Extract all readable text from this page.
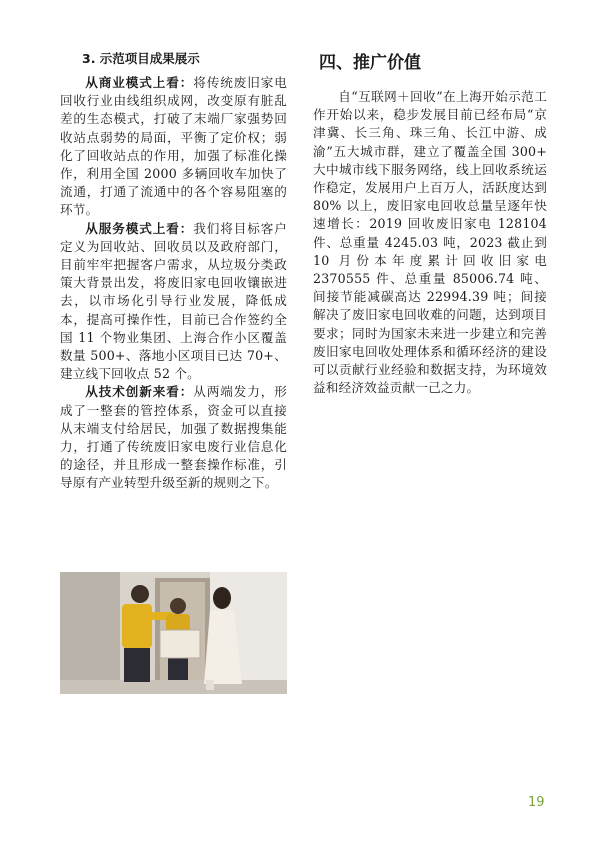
3. 示范项目成果展示

从商业模式上看：将传统废旧家电回收行业由线组织成网，改变原有脏乱差的生态模式，打破了末端厂家强势回收站点弱势的局面，平衡了定价权；弱化了回收站点的作用，加强了标准化操作，利用全国 2000 多辆回收车加快了流通，打通了流通中的各个容易阻塞的环节。

从服务模式上看：我们将目标客户定义为回收站、回收员以及政府部门，目前牢牢把握客户需求，从垃圾分类政策大背景出发，将废旧家电回收镶嵌进去，以市场化引导行业发展，降低成本，提高可操作性，目前已合作签约全国 11 个物业集团、上海合作小区覆盖数量 500+、落地小区项目已达 70+、建立线下回收点 52 个。

从技术创新来看：从两端发力，形成了一整套的管控体系，资金可以直接从末端支付给居民，加强了数据搜集能力，打通了传统废旧家电废行业信息化的途径，并且形成一整套操作标准，引导原有产业转型升级至新的规则之下。

四、推广价值

自“互联网＋回收”在上海开始示范工作开始以来，稳步发展目前已经布局“京津冀、长三角、珠三角、长江中游、成渝”五大城市群，建立了覆盖全国 300+ 大中城市线下服务网络，线上回收系统运作稳定，发展用户上百万人，活跃度达到 80% 以上，废旧家电回收总量呈逐年快速增长：2019 回收废旧家电 128104 件、总重量 4245.03 吨，2023 截止到 10 月份本年度累计回收旧家电 2370555 件、总重量 85006.74 吨、间接节能减碳高达 22994.39 吨；间接解决了废旧家电回收难的问题，达到项目要求；同时为国家未来进一步建立和完善废旧家电回收处理体系和循环经济的建设可以贡献行业经验和数据支持，为环境效益和经济效益贡献一己之力。

19
